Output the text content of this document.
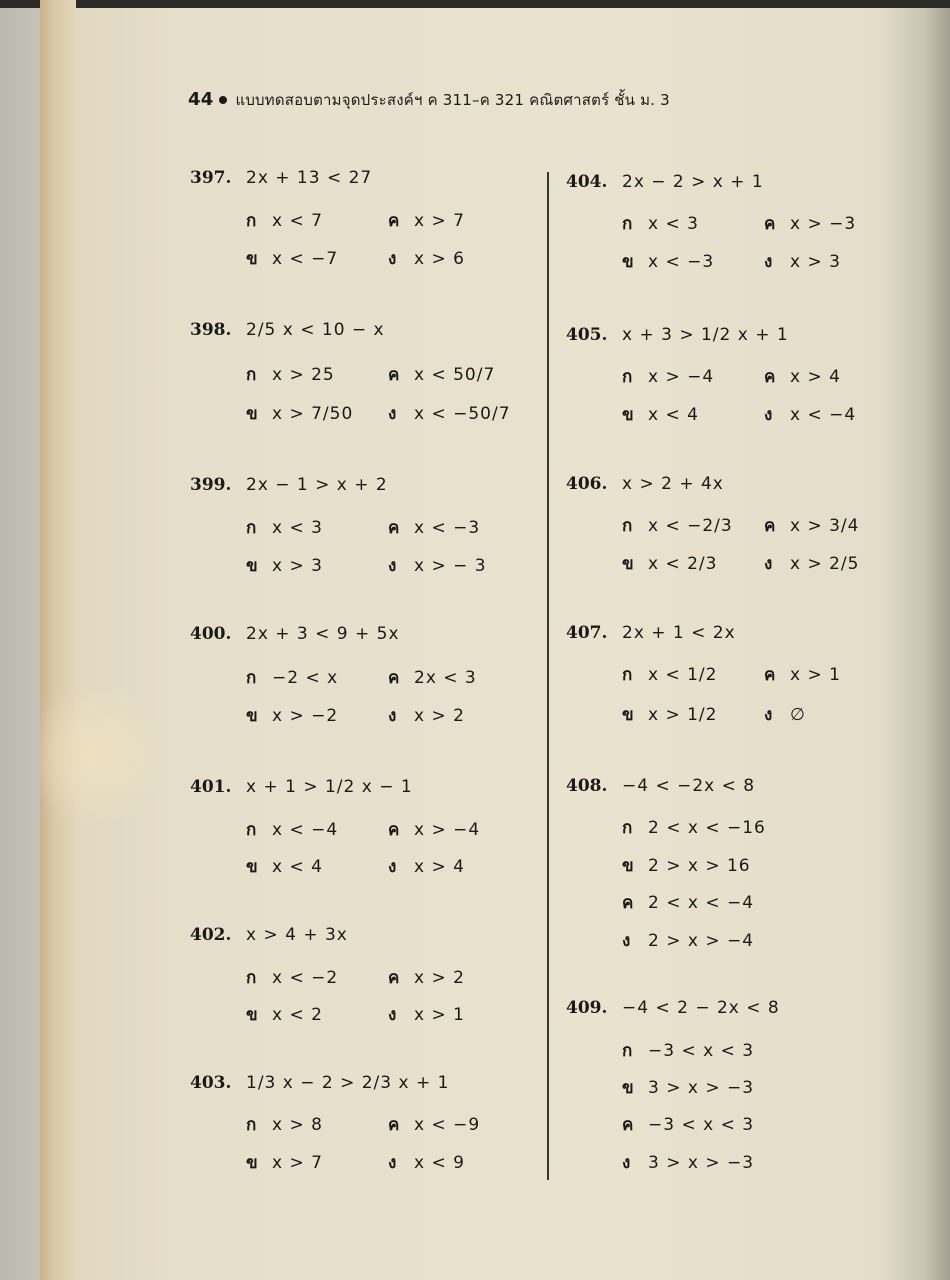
44 แบบทดสอบตามจุดประสงค์ฯ ค 311–ค 321 คณิตศาสตร์ ชั้น ม. 3
397. 2x + 13 < 27
ก x < 7	ค x > 7
ข x < −7	ง x > 6
398. 2/5 x < 10 − x
ก x > 25	ค x < 50/7
ข x > 7/50 ง x < −50/7
399. 2x − 1 > x + 2
ก x < 3	ค x < −3
ข x > 3	ง x > − 3
400. 2x + 3 < 9 + 5x
ก −2 < x	ค 2x < 3
ข x > −2	ง x > 2
401. x + 1 > 1/2 x − 1
ก x < −4	ค x > −4
ข x < 4	ง x > 4
402. x > 4 + 3x
ก x < −2	ค x > 2
ข x < 2	ง x > 1
403. 1/3 x − 2 > 2/3 x + 1
ก x > 8	ค x < −9
ข x > 7	ง x < 9
404. 2x − 2 > x + 1
ก x < 3	ค x > −3
ข x < −3	ง x > 3
405. x + 3 > 1/2 x + 1
ก x > −4	ค x > 4
ข x < 4	ง x < −4
406. x > 2 + 4x
ก x < −2/3 ค x > 3/4
ข x < 2/3	ง x > 2/5
407. 2x + 1 < 2x
ก x < 1/2	ค x > 1
ข x > 1/2	ง ∅
408. −4 < −2x < 8
ก 2 < x < −16
ข 2 > x > 16
ค 2 < x < −4
ง 2 > x > −4
409. −4 < 2 − 2x < 8
ก −3 < x < 3
ข 3 > x > −3
ค −3 < x < 3
ง 3 > x > −3
